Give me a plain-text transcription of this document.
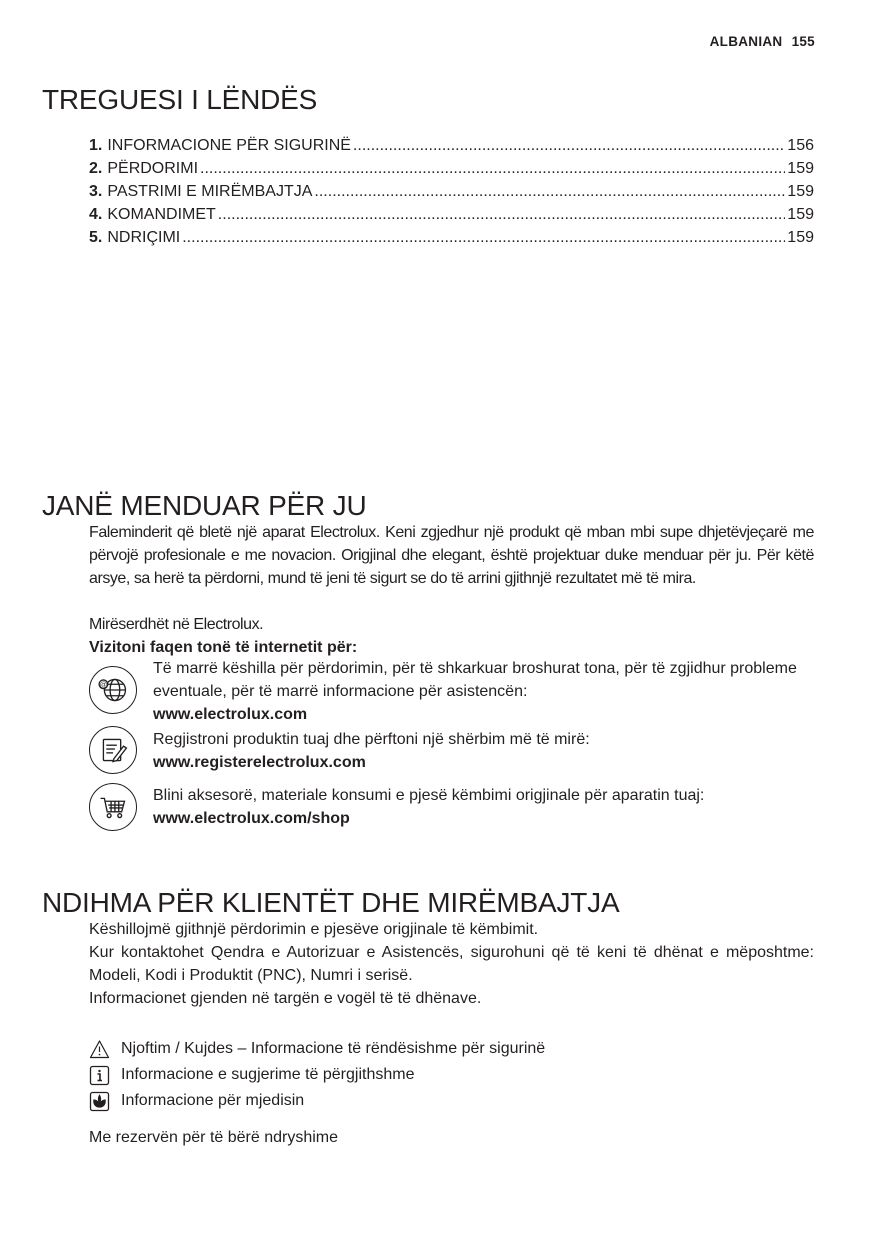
ALBANIAN 155
TREGUESI I LËNDËS
1. INFORMACIONE PËR SIGURINË .....	156
2. PËRDORIMI .....	159
3. PASTRIMI E MIRËMBAJTJA .....	159
4. KOMANDIMET .....	159
5. NDRIÇIMI .....	159
JANË MENDUAR PËR JU
Faleminderit që bletë një aparat Electrolux. Keni zgjedhur një produkt që mban mbi supe dhjetëvjeçarë me përvojë profesionale e me novacion. Origjinal dhe elegant, është projektuar duke menduar për ju. Për këtë arsye, sa herë ta përdorni, mund të jeni të sigurt se do të arrini gjithnjë rezultatet më të mira.
Mirëserdhët në Electrolux.
Vizitoni faqen tonë të internetit për:
@
Të marrë këshilla për përdorimin, për të shkarkuar broshurat tona, për të zgjidhur probleme eventuale, për të marrë informacione për asistencën:
www.electrolux.com
Regjistroni produktin tuaj dhe përftoni një shërbim më të mirë:
www.registerelectrolux.com
Blini aksesorë, materiale konsumi e pjesë këmbimi origjinale për aparatin tuaj:
www.electrolux.com/shop
NDIHMA PËR KLIENTËT DHE MIRËMBAJTJA
Këshillojmë gjithnjë përdorimin e pjesëve origjinale të këmbimit.
Kur kontaktohet Qendra e Autorizuar e Asistencës, sigurohuni që të keni të dhënat e mëposhtme: Modeli, Kodi i Produktit (PNC), Numri i serisë.
Informacionet gjenden në targën e vogël të të dhënave.
Njoftim / Kujdes – Informacione të rëndësishme për sigurinë
Informacione e sugjerime të përgjithshme
Informacione për mjedisin
Me rezervën për të bërë ndryshime
